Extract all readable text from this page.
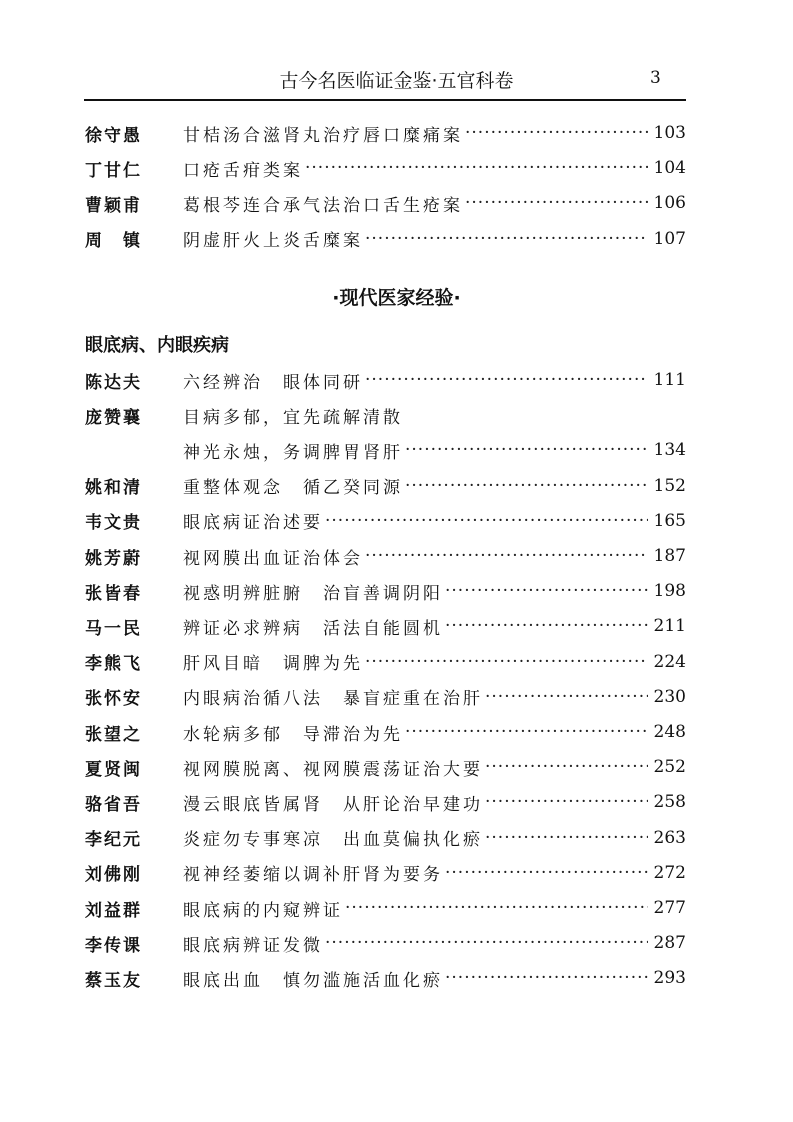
古今名医临证金鉴·五官科卷	3
徐守愚	甘桔汤合滋肾丸治疗唇口糜痛案 ·····	103
丁甘仁	口疮舌疳类案 ·····	104
曹颖甫	葛根芩连合承气法治口舌生疮案 ·····	106
周　镇	阴虚肝火上炎舌糜案 ·····	107
·现代医家经验·
眼底病、内眼疾病
陈达夫	六经辨治　眼体同研 ·····	111
庞赞襄	目病多郁，宜先疏解清散
神光永烛，务调脾胃肾肝 ·····	134
姚和清	重整体观念　循乙癸同源 ·····	152
韦文贵	眼底病证治述要 ·····	165
姚芳蔚	视网膜出血证治体会 ·····	187
张皆春	视惑明辨脏腑　治盲善调阴阳 ·····	198
马一民	辨证必求辨病　活法自能圆机 ·····	211
李熊飞	肝风目暗　调脾为先 ·····	224
张怀安	内眼病治循八法　暴盲症重在治肝 ·····	230
张望之	水轮病多郁　导滞治为先 ·····	248
夏贤闽	视网膜脱离、视网膜震荡证治大要 ·····	252
骆省吾	漫云眼底皆属肾　从肝论治早建功 ·····	258
李纪元	炎症勿专事寒凉　出血莫偏执化瘀 ·····	263
刘佛刚	视神经萎缩以调补肝肾为要务 ·····	272
刘益群	眼底病的内窥辨证 ·····	277
李传课	眼底病辨证发微 ·····	287
蔡玉友	眼底出血　慎勿滥施活血化瘀 ·····	293
